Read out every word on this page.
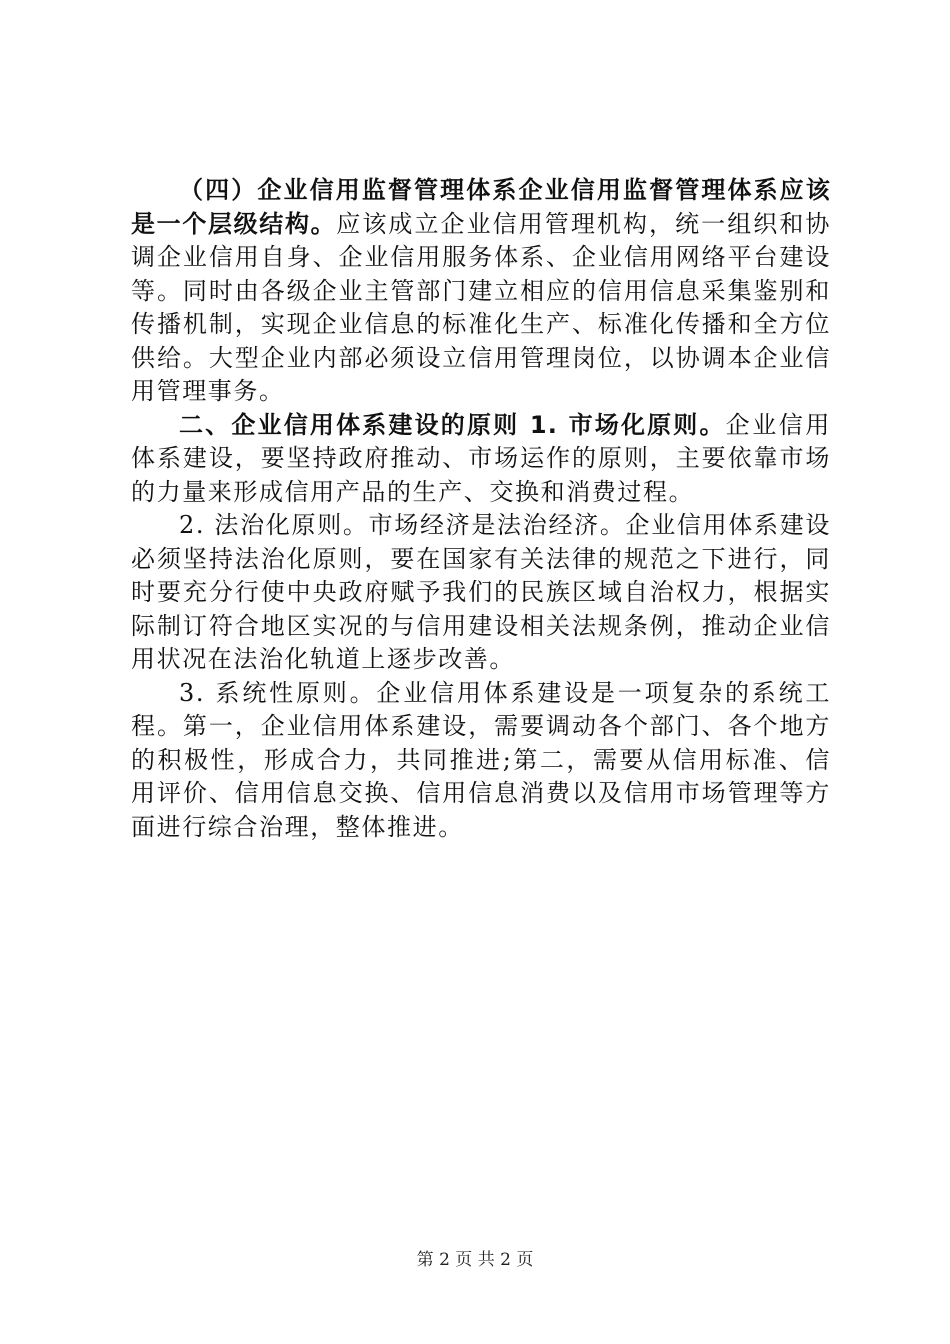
（四）企业信用监督管理体系企业信用监督管理体系应该是一个层级结构。应该成立企业信用管理机构，统一组织和协调企业信用自身、企业信用服务体系、企业信用网络平台建设等。同时由各级企业主管部门建立相应的信用信息采集鉴别和传播机制，实现企业信息的标准化生产、标准化传播和全方位供给。大型企业内部必须设立信用管理岗位，以协调本企业信用管理事务。

二、企业信用体系建设的原则 1. 市场化原则。企业信用体系建设，要坚持政府推动、市场运作的原则，主要依靠市场的力量来形成信用产品的生产、交换和消费过程。

2. 法治化原则。市场经济是法治经济。企业信用体系建设必须坚持法治化原则，要在国家有关法律的规范之下进行，同时要充分行使中央政府赋予我们的民族区域自治权力，根据实际制订符合地区实况的与信用建设相关法规条例，推动企业信用状况在法治化轨道上逐步改善。

3. 系统性原则。企业信用体系建设是一项复杂的系统工程。第一，企业信用体系建设，需要调动各个部门、各个地方的积极性，形成合力，共同推进;第二，需要从信用标准、信用评价、信用信息交换、信用信息消费以及信用市场管理等方面进行综合治理，整体推进。

第 2 页 共 2 页
